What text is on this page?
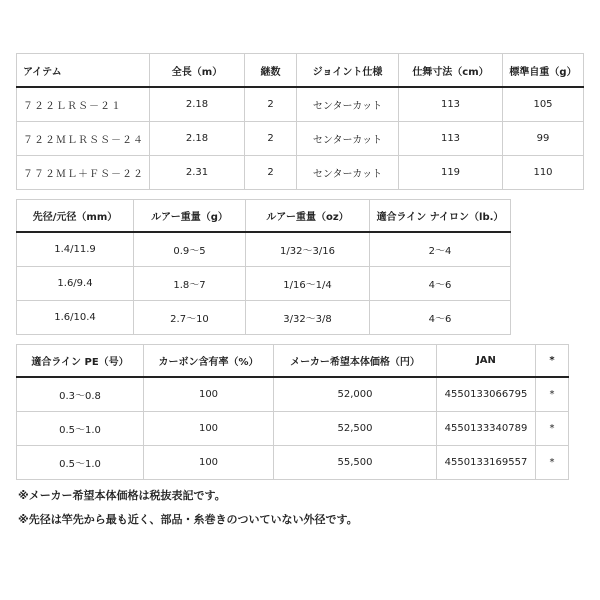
アイテム	全長（m）	継数	ジョイント仕様	仕舞寸法（cm）	標準自重（g）
７２２ＬＲＳ－２１	2.18	2	センターカット	113	105
７２２ＭＬＲＳＳ－２４	2.18	2	センターカット	113	99
７７２ＭＬ＋ＦＳ－２２	2.31	2	センターカット	119	110
先径/元径（mm）	ルアー重量（g）	ルアー重量（oz）	適合ライン ナイロン（lb.）
1.4/11.9	0.9～5	1/32～3/16	2～4
1.6/9.4	1.8～7	1/16～1/4	4～6
1.6/10.4	2.7～10	3/32～3/8	4～6
適合ライン PE（号）	カーボン含有率（%）	メーカー希望本体価格（円）	JAN	*
0.3～0.8	100	52,000	4550133066795	*
0.5～1.0	100	52,500	4550133340789	*
0.5～1.0	100	55,500	4550133169557	*
※メーカー希望本体価格は税抜表記です。
※先径は竿先から最も近く、部品・糸巻きのついていない外径です。
